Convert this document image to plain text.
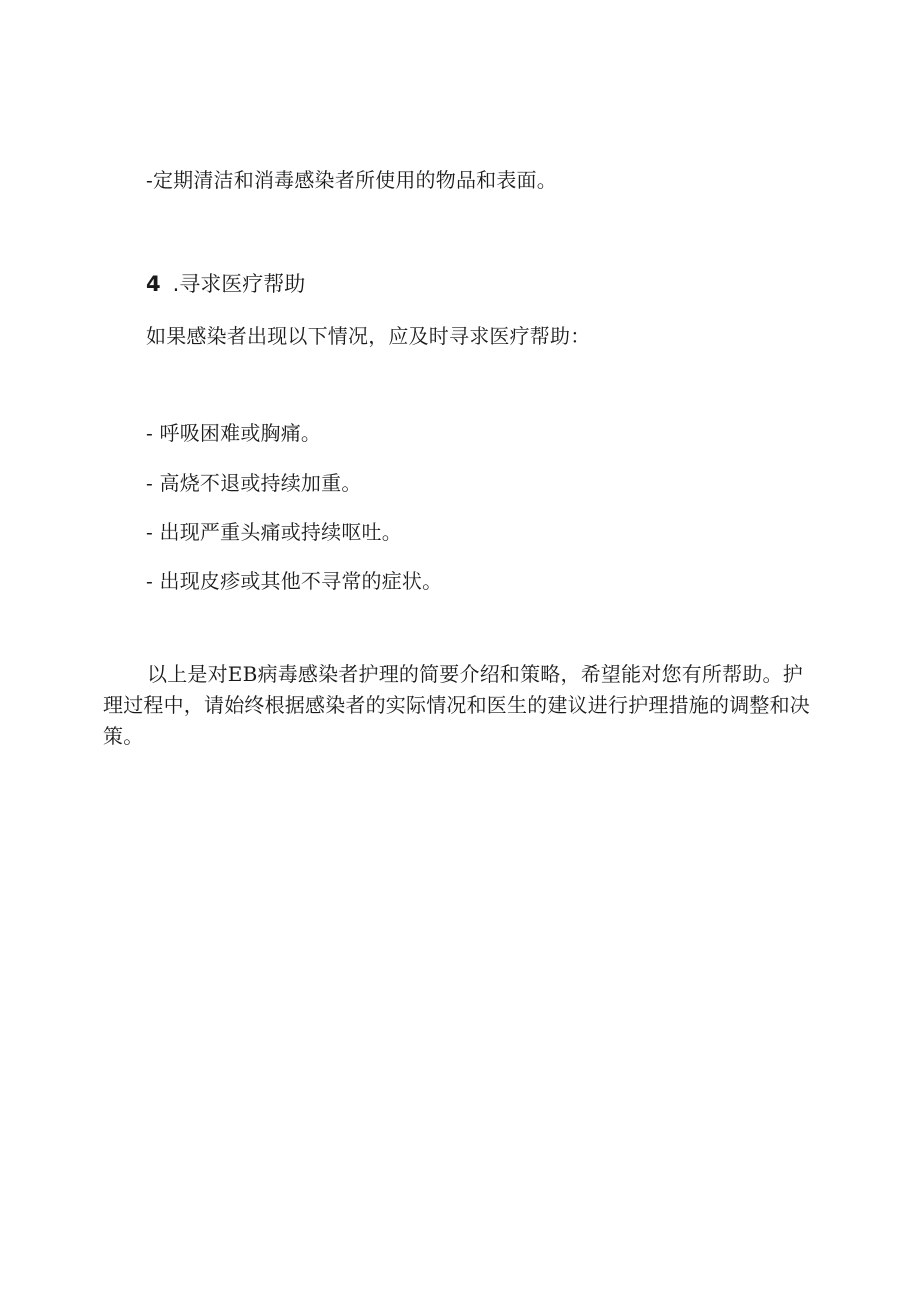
-定期清洁和消毒感染者所使用的物品和表面。

4 .寻求医疗帮助

如果感染者出现以下情况，应及时寻求医疗帮助：

- 呼吸困难或胸痛。

- 高烧不退或持续加重。

- 出现严重头痛或持续呕吐。

- 出现皮疹或其他不寻常的症状。

以上是对EB病毒感染者护理的简要介绍和策略，希望能对您有所帮助。护理过程中，请始终根据感染者的实际情况和医生的建议进行护理措施的调整和决策。
